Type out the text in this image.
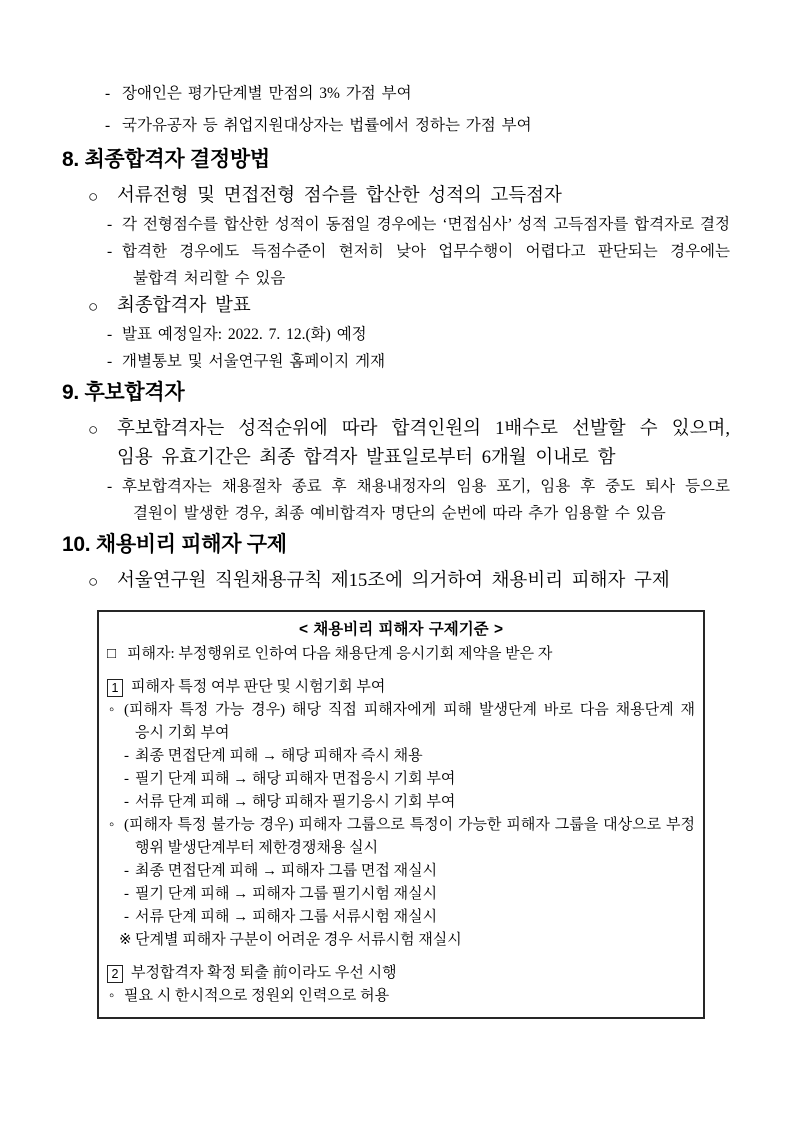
- 장애인은 평가단계별 만점의 3% 가점 부여
- 국가유공자 등 취업지원대상자는 법률에서 정하는 가점 부여
8. 최종합격자 결정방법
○ 서류전형 및 면접전형 점수를 합산한 성적의 고득점자
- 각 전형점수를 합산한 성적이 동점일 경우에는 ‘면접심사’ 성적 고득점자를 합격자로 결정
- 합격한 경우에도 득점수준이 현저히 낮아 업무수행이 어렵다고 판단되는 경우에는
불합격 처리할 수 있음
○ 최종합격자 발표
- 발표 예정일자: 2022. 7. 12.(화) 예정
- 개별통보 및 서울연구원 홈페이지 게재
9. 후보합격자
○ 후보합격자는 성적순위에 따라 합격인원의 1배수로 선발할 수 있으며,
임용 유효기간은 최종 합격자 발표일로부터 6개월 이내로 함
- 후보합격자는 채용절차 종료 후 채용내정자의 임용 포기, 임용 후 중도 퇴사 등으로
결원이 발생한 경우, 최종 예비합격자 명단의 순번에 따라 추가 임용할 수 있음
10. 채용비리 피해자 구제
○ 서울연구원 직원채용규칙 제15조에 의거하여 채용비리 피해자 구제
< 채용비리 피해자 구제기준 >
□ 피해자: 부정행위로 인하여 다음 채용단계 응시기회 제약을 받은 자
1 피해자 특정 여부 판단 및 시험기회 부여
◦ (피해자 특정 가능 경우) 해당 직접 피해자에게 피해 발생단계 바로 다음 채용단계 재
응시 기회 부여
- 최종 면접단계 피해 → 해당 피해자 즉시 채용
- 필기 단계 피해 → 해당 피해자 면접응시 기회 부여
- 서류 단계 피해 → 해당 피해자 필기응시 기회 부여
◦ (피해자 특정 불가능 경우) 피해자 그룹으로 특정이 가능한 피해자 그룹을 대상으로 부정
행위 발생단계부터 제한경쟁채용 실시
- 최종 면접단계 피해 → 피해자 그룹 면접 재실시
- 필기 단계 피해 → 피해자 그룹 필기시험 재실시
- 서류 단계 피해 → 피해자 그룹 서류시험 재실시
※ 단계별 피해자 구분이 어려운 경우 서류시험 재실시
2 부정합격자 확정 퇴출 前이라도 우선 시행
◦ 필요 시 한시적으로 정원외 인력으로 허용
